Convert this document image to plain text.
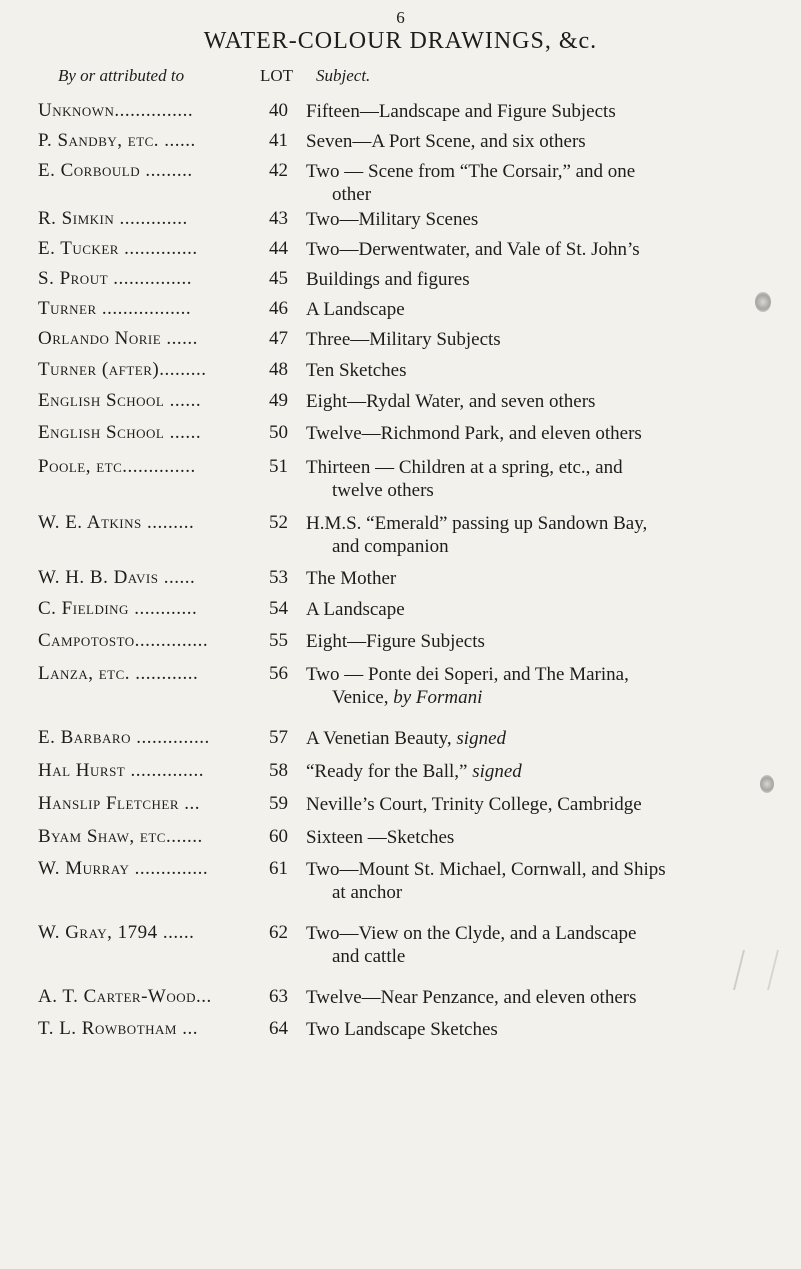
6
WATER-COLOUR DRAWINGS, &c.
By or attributed to	LOT Subject.
Unknown...............	40 Fifteen—Landscape and Figure Subjects
P. Sandby, etc. ......	41 Seven—A Port Scene, and six others
E. Corbould .........	42 Two — Scene from “The Corsair,” and one
other
R. Simkin .............	43 Two—Military Scenes
E. Tucker ..............	44 Two—Derwentwater, and Vale of St. John’s
S. Prout ...............	45 Buildings and figures
Turner .................	46 A Landscape
Orlando Norie ......	47 Three—Military Subjects
Turner (after).........	48 Ten Sketches
English School ......	49 Eight—Rydal Water, and seven others
English School ......	50 Twelve—Richmond Park, and eleven others
Poole, etc..............	51 Thirteen — Children at a spring, etc., and
twelve others
W. E. Atkins .........	52 H.M.S. “Emerald” passing up Sandown Bay,
and companion
W. H. B. Davis ......	53 The Mother
C. Fielding ............	54 A Landscape
Campotosto..............	55 Eight—Figure Subjects
Lanza, etc. ............	56 Two — Ponte dei Soperi, and The Marina,
Venice, by Formani
E. Barbaro ..............	57 A Venetian Beauty, signed
Hal Hurst ..............	58 “Ready for the Ball,” signed
Hanslip Fletcher ...	59 Neville’s Court, Trinity College, Cambridge
Byam Shaw, etc.......	60 Sixteen —Sketches
W. Murray ..............	61 Two—Mount St. Michael, Cornwall, and Ships
at anchor
W. Gray, 1794 ......	62 Two—View on the Clyde, and a Landscape
and cattle
A. T. Carter-Wood...	63 Twelve—Near Penzance, and eleven others
T. L. Rowbotham ...	64 Two Landscape Sketches
